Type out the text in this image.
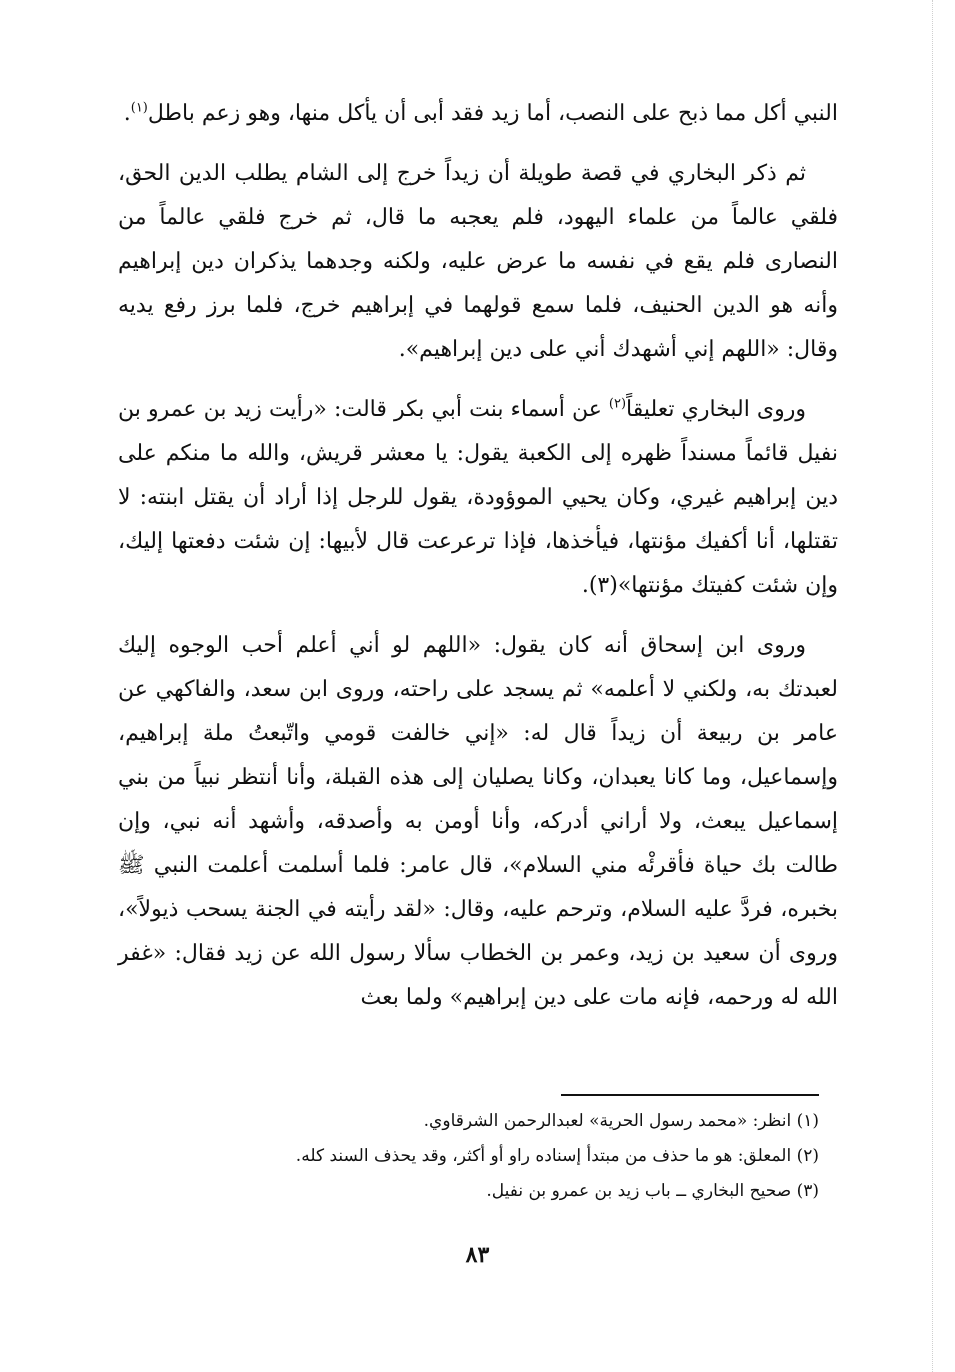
النبي أكل مما ذبح على النصب، أما زيد فقد أبى أن يأكل منها، وهو زعم باطل$^{(١)}$.

ثم ذكر البخاري في قصة طويلة أن زيداً خرج إلى الشام يطلب الدين الحق، فلقي عالماً من علماء اليهود، فلم يعجبه ما قال، ثم خرج فلقي عالماً من النصارى فلم يقع في نفسه ما عرض عليه، ولكنه وجدهما يذكران دين إبراهيم وأنه هو الدين الحنيف، فلما سمع قولهما في إبراهيم خرج، فلما برز رفع يديه وقال: «اللهم إني أشهدك أني على دين إبراهيم».

وروى البخاري تعليقاً$^{(٢)}$ عن أسماء بنت أبي بكر قالت: «رأيت زيد بن عمرو بن نفيل قائماً مسنداً ظهره إلى الكعبة يقول: يا معشر قريش، والله ما منكم على دين إبراهيم غيري، وكان يحيي الموؤودة، يقول للرجل إذا أراد أن يقتل ابنته: لا تقتلها، أنا أكفيك مؤنتها، فيأخذها، فإذا ترعرعت قال لأبيها: إن شئت دفعتها إليك، وإن شئت كفيتك مؤنتها»(٣).

وروى ابن إسحاق أنه كان يقول: «اللهم لو أني أعلم أحب الوجوه إليك لعبدتك به، ولكني لا أعلمه» ثم يسجد على راحته، وروى ابن سعد، والفاكهي عن عامر بن ربيعة أن زيداً قال له: «إني خالفت قومي واتّبعتُ ملة إبراهيم، وإسماعيل، وما كانا يعبدان، وكانا يصليان إلى هذه القبلة، وأنا أنتظر نبياً من بني إسماعيل يبعث، ولا أراني أدركه، وأنا أومن به وأصدقه، وأشهد أنه نبي، وإن طالت بك حياة فأقرئْه مني السلام»، قال عامر: فلما أسلمت أعلمت النبي ﷺ بخبره، فردَّ عليه السلام، وترحم عليه، وقال: «لقد رأيته في الجنة يسحب ذيولاً»، وروى أن سعيد بن زيد، وعمر بن الخطاب سألا رسول الله عن زيد فقال: «غفر الله له ورحمه، فإنه مات على دين إبراهيم» ولما بعث

(١) انظر: «محمد رسول الحرية» لعبدالرحمن الشرقاوي.
(٢) المعلق: هو ما حذف من مبتدأ إسناده راو أو أكثر، وقد يحذف السند كله.
(٣) صحيح البخاري ــ باب زيد بن عمرو بن نفيل.
٨٣
